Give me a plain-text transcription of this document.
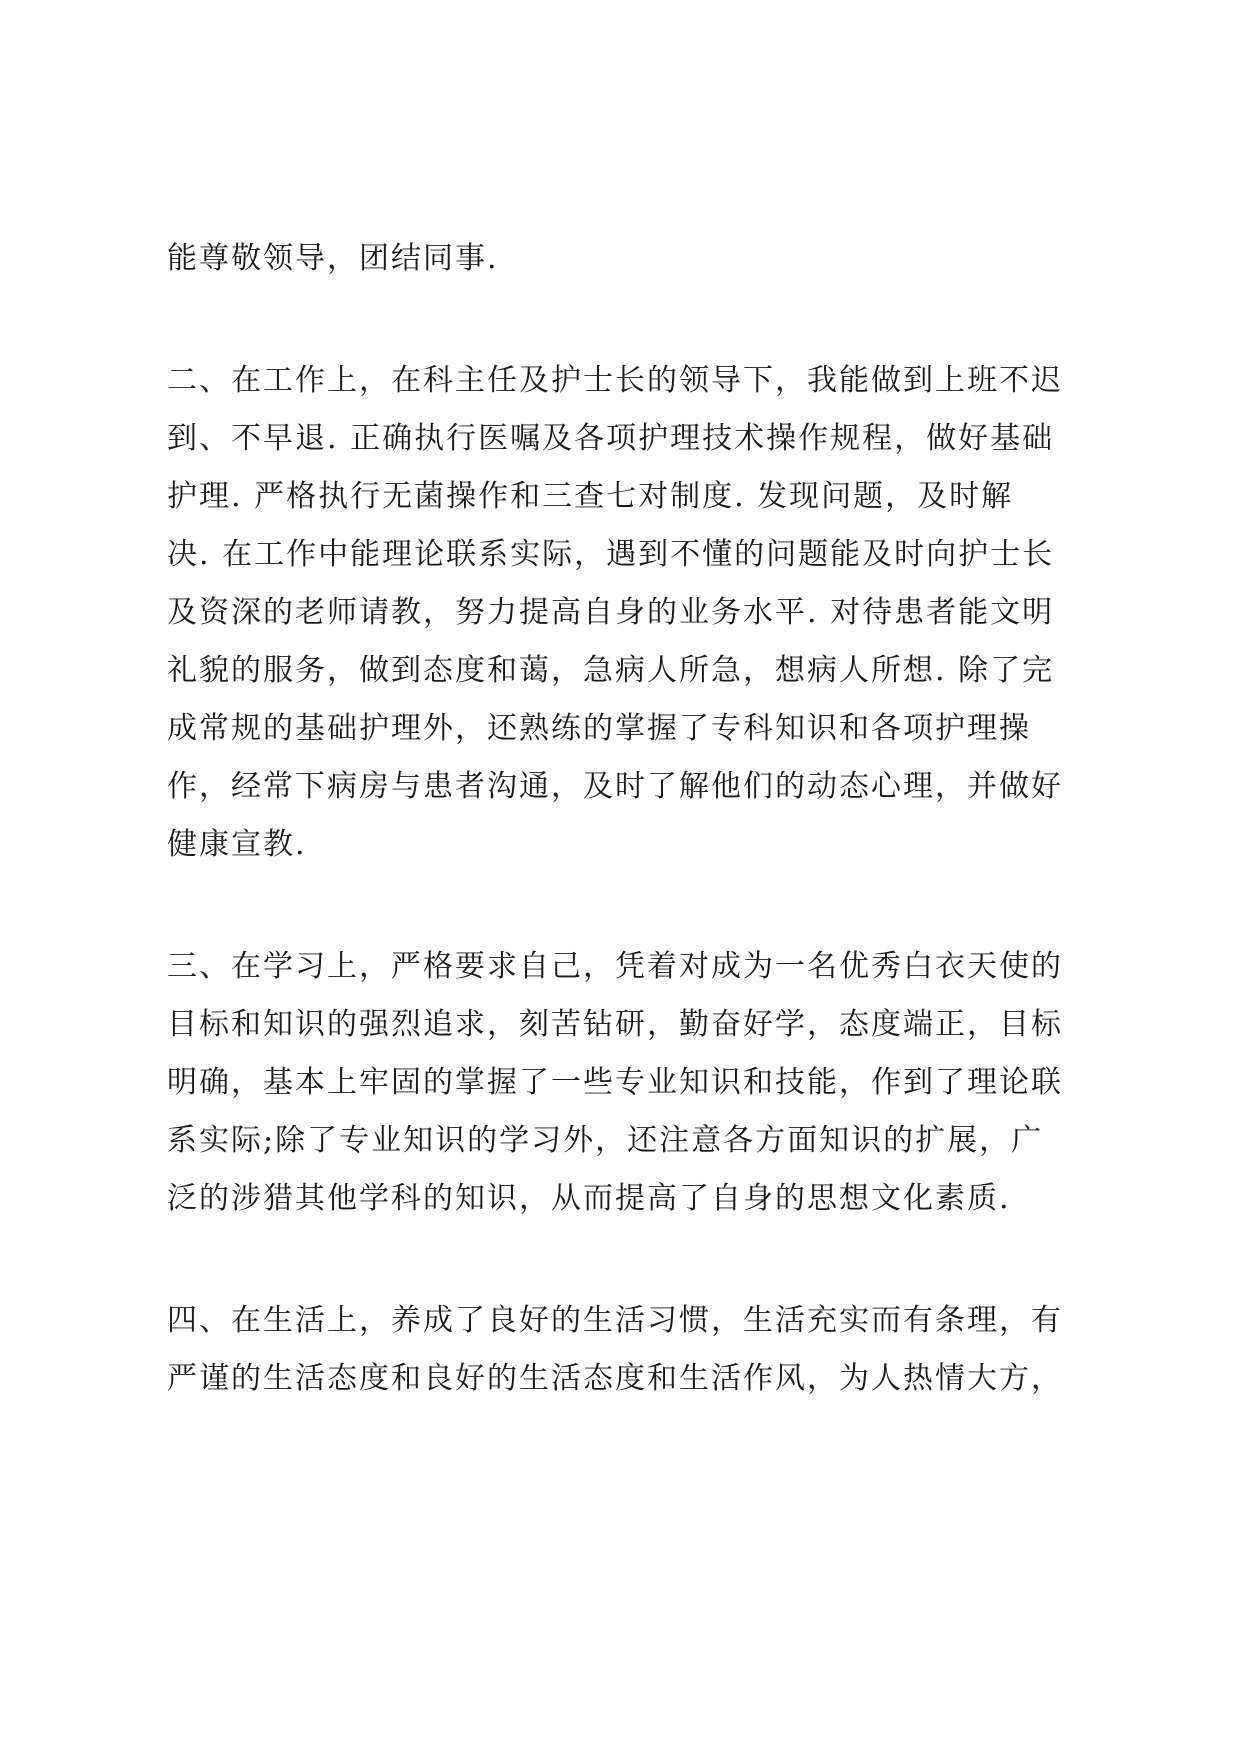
能尊敬领导，团结同事.
二、在工作上，在科主任及护士长的领导下，我能做到上班不迟
到、不早退. 正确执行医嘱及各项护理技术操作规程，做好基础
护理. 严格执行无菌操作和三查七对制度. 发现问题，及时解
决. 在工作中能理论联系实际，遇到不懂的问题能及时向护士长
及资深的老师请教，努力提高自身的业务水平. 对待患者能文明
礼貌的服务，做到态度和蔼，急病人所急，想病人所想. 除了完
成常规的基础护理外，还熟练的掌握了专科知识和各项护理操
作，经常下病房与患者沟通，及时了解他们的动态心理，并做好
健康宣教.
三、在学习上，严格要求自己，凭着对成为一名优秀白衣天使的
目标和知识的强烈追求，刻苦钻研，勤奋好学，态度端正，目标
明确，基本上牢固的掌握了一些专业知识和技能，作到了理论联
系实际;除了专业知识的学习外，还注意各方面知识的扩展，广
泛的涉猎其他学科的知识，从而提高了自身的思想文化素质.
四、在生活上，养成了良好的生活习惯，生活充实而有条理，有
严谨的生活态度和良好的生活态度和生活作风，为人热情大方，
